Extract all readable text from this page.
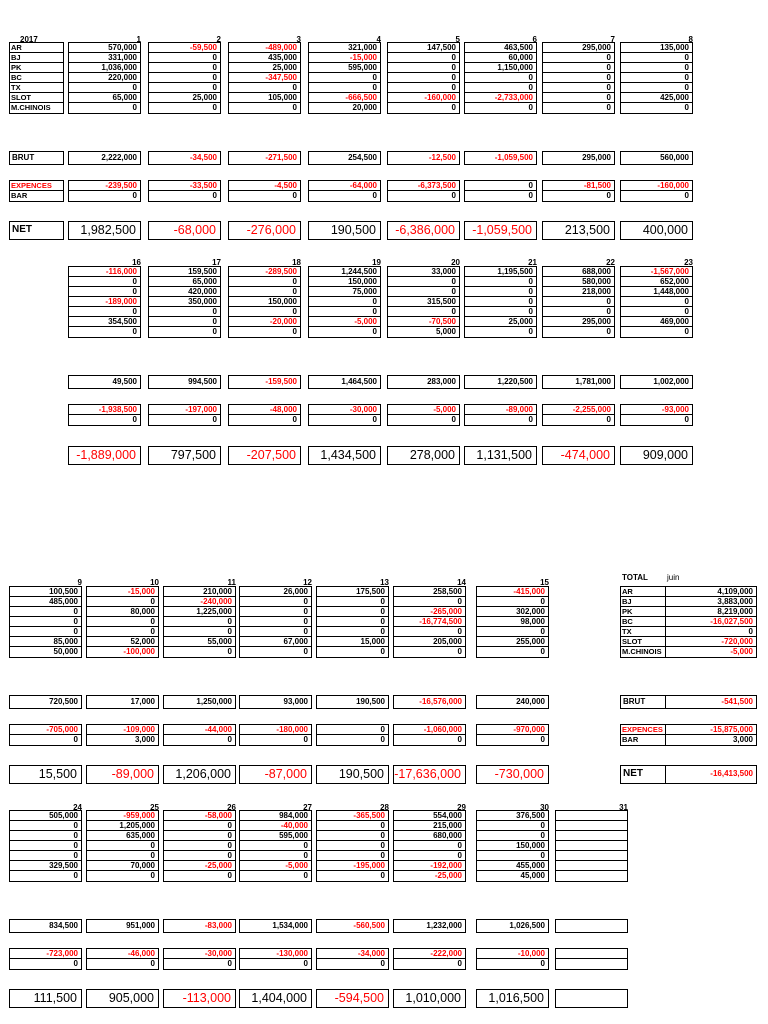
1
570,000
331,000
1,036,000
220,000
0
65,000
0
2,222,000
-239,500
0
1,982,500
2
-59,500
0
0
0
0
25,000
0
-34,500
-33,500
0
-68,000
3
-489,000
435,000
25,000
-347,500
0
105,000
0
-271,500
-4,500
0
-276,000
4
321,000
-15,000
595,000
0
0
-666,500
20,000
254,500
-64,000
0
190,500
5
147,500
0
0
0
0
-160,000
0
-12,500
-6,373,500
0
-6,386,000
6
463,500
60,000
1,150,000
0
0
-2,733,000
0
-1,059,500
0
0
-1,059,500
7
295,000
0
0
0
0
0
0
295,000
-81,500
0
213,500
8
135,000
0
0
0
0
425,000
0
560,000
-160,000
0
400,000
16
-116,000
0
0
-189,000
0
354,500
0
49,500
-1,938,500
0
-1,889,000
17
159,500
65,000
420,000
350,000
0
0
0
994,500
-197,000
0
797,500
18
-289,500
0
0
150,000
0
-20,000
0
-159,500
-48,000
0
-207,500
19
1,244,500
150,000
75,000
0
0
-5,000
0
1,464,500
-30,000
0
1,434,500
20
33,000
0
0
315,500
0
-70,500
5,000
283,000
-5,000
0
278,000
21
1,195,500
0
0
0
0
25,000
0
1,220,500
-89,000
0
1,131,500
22
688,000
580,000
218,000
0
0
295,000
0
1,781,000
-2,255,000
0
-474,000
23
-1,567,000
652,000
1,448,000
0
0
469,000
0
1,002,000
-93,000
0
909,000
9
100,500
485,000
0
0
0
85,000
50,000
720,500
-705,000
0
15,500
10
-15,000
0
80,000
0
0
52,000
-100,000
17,000
-109,000
3,000
-89,000
11
210,000
-240,000
1,225,000
0
0
55,000
0
1,250,000
-44,000
0
1,206,000
12
26,000
0
0
0
0
67,000
0
93,000
-180,000
0
-87,000
13
175,500
0
0
0
0
15,000
0
190,500
0
0
190,500
14
258,500
0
-265,000
-16,774,500
0
205,000
0
-16,576,000
-1,060,000
0
-17,636,000
15
-415,000
0
302,000
98,000
0
255,000
0
240,000
-970,000
0
-730,000
24
505,000
0
0
0
0
329,500
0
834,500
-723,000
0
111,500
25
-959,000
1,205,000
635,000
0
0
70,000
0
951,000
-46,000
0
905,000
26
-58,000
0
0
0
0
-25,000
0
-83,000
-30,000
0
-113,000
27
984,000
-40,000
595,000
0
0
-5,000
0
1,534,000
-130,000
0
1,404,000
28
-365,500
0
0
0
0
-195,000
0
-560,500
-34,000
0
-594,500
29
554,000
215,000
680,000
0
0
-192,000
-25,000
1,232,000
-222,000
0
1,010,000
30
376,500
0
0
150,000
0
455,000
45,000
1,026,500
-10,000
0
1,016,500
31
2017
AR
BJ
PK
BC
TX
SLOT
M.CHINOIS
BRUT
EXPENCES
BAR
NET
TOTAL juin
AR
BJ
PK
BC
TX
SLOT
M.CHINOIS
4,109,000
3,883,000
8,219,000
-16,027,500
0
-720,000
-5,000
BRUT	-541,500
EXPENCES
BAR
-15,875,000
3,000
NET	-16,413,500
